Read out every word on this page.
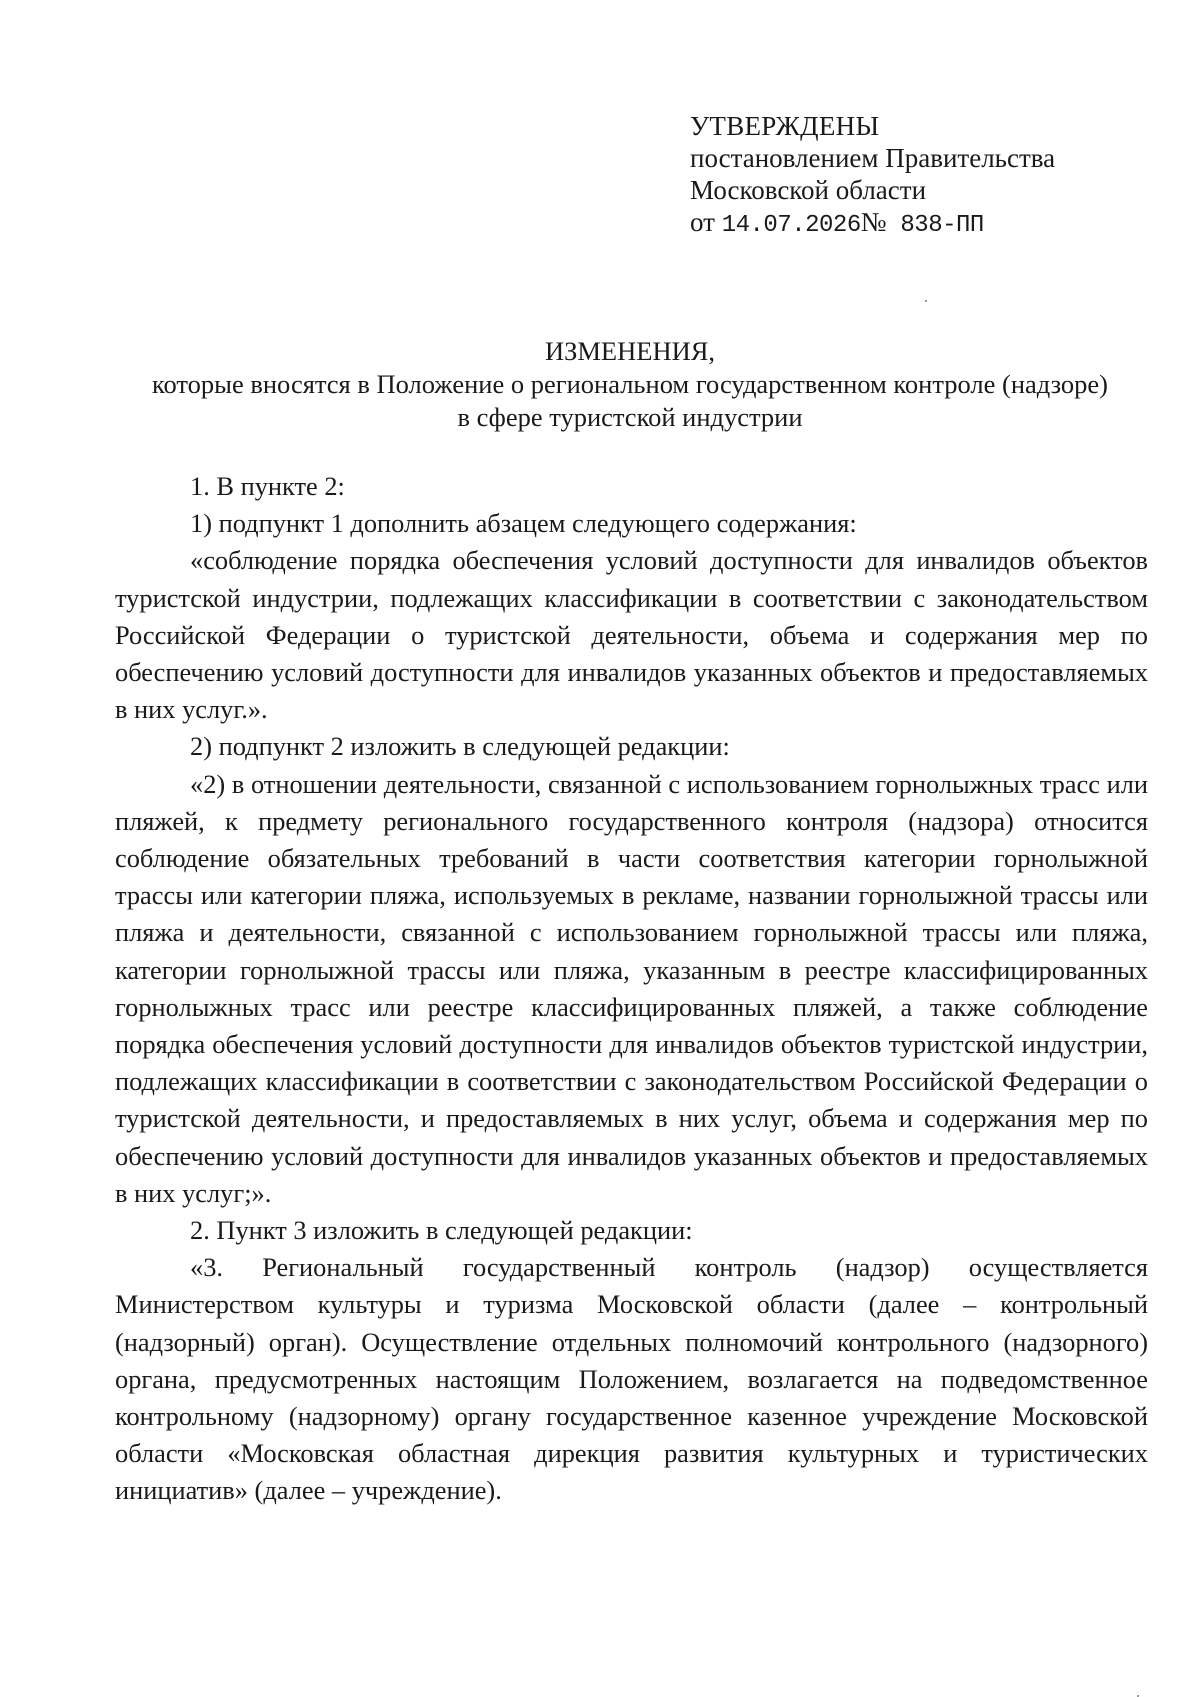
УТВЕРЖДЕНЫ
постановлением Правительства
Московской области
от 14.07.2026№ 838-ПП
ИЗМЕНЕНИЯ,
которые вносятся в Положение о региональном государственном контроле (надзоре)
в сфере туристской индустрии

1. В пункте 2:

1) подпункт 1 дополнить абзацем следующего содержания:

«соблюдение порядка обеспечения условий доступности для инвалидов объектов туристской индустрии, подлежащих классификации в соответствии с законодательством Российской Федерации о туристской деятельности, объема и содержания мер по обеспечению условий доступности для инвалидов указанных объектов и предоставляемых в них услуг.».

2) подпункт 2 изложить в следующей редакции:

«2) в отношении деятельности, связанной с использованием горнолыжных трасс или пляжей, к предмету регионального государственного контроля (надзора) относится соблюдение обязательных требований в части соответствия категории горнолыжной трассы или категории пляжа, используемых в рекламе, названии горнолыжной трассы или пляжа и деятельности, связанной с использованием горнолыжной трассы или пляжа, категории горнолыжной трассы или пляжа, указанным в реестре классифицированных горнолыжных трасс или реестре классифицированных пляжей, а также соблюдение порядка обеспечения условий доступности для инвалидов объектов туристской индустрии, подлежащих классификации в соответствии с законодательством Российской Федерации о туристской деятельности, и предоставляемых в них услуг, объема и содержания мер по обеспечению условий доступности для инвалидов указанных объектов и предоставляемых в них услуг;».

2. Пункт 3 изложить в следующей редакции:

«3. Региональный государственный контроль (надзор) осуществляется Министерством культуры и туризма Московской области (далее – контрольный (надзорный) орган). Осуществление отдельных полномочий контрольного (надзорного) органа, предусмотренных настоящим Положением, возлагается на подведомственное контрольному (надзорному) органу государственное казенное учреждение Московской области «Московская областная дирекция развития культурных и туристических инициатив» (далее – учреждение).
